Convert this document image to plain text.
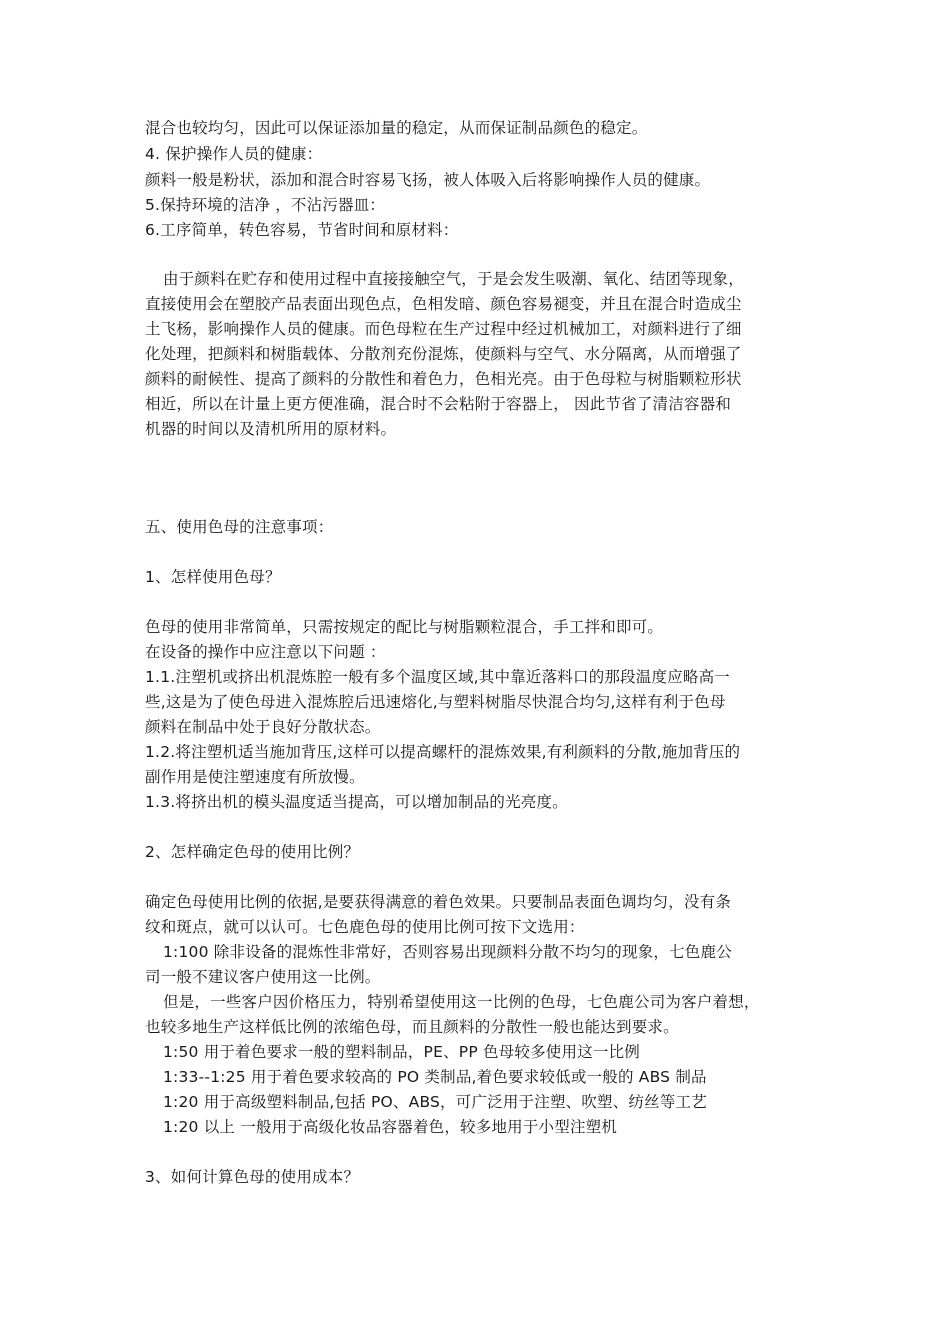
混合也较均匀，因此可以保证添加量的稳定，从而保证制品颜色的稳定。
4. 保护操作人员的健康：
颜料一般是粉状，添加和混合时容易飞扬，被人体吸入后将影响操作人员的健康。
5.保持环境的洁净 ，不沾污器皿：
6.工序简单，转色容易，节省时间和原材料：
由于颜料在贮存和使用过程中直接接触空气，于是会发生吸潮、氧化、结团等现象，
直接使用会在塑胶产品表面出现色点，色相发暗、颜色容易褪变，并且在混合时造成尘
土飞杨，影响操作人员的健康。而色母粒在生产过程中经过机械加工，对颜料进行了细
化处理，把颜料和树脂载体、分散剂充份混炼，使颜料与空气、水分隔离，从而增强了
颜料的耐候性、提高了颜料的分散性和着色力，色相光亮。由于色母粒与树脂颗粒形状
相近，所以在计量上更方便准确，混合时不会粘附于容器上， 因此节省了清洁容器和
机器的时间以及清机所用的原材料。
五、使用色母的注意事项：
1、怎样使用色母？
色母的使用非常简单，只需按规定的配比与树脂颗粒混合，手工拌和即可。
在设备的操作中应注意以下问题 ：
1.1.注塑机或挤出机混炼腔一般有多个温度区域,其中靠近落料口的那段温度应略高一
些,这是为了使色母进入混炼腔后迅速熔化,与塑料树脂尽快混合均匀,这样有利于色母
颜料在制品中处于良好分散状态。
1.2.将注塑机适当施加背压,这样可以提高螺杆的混炼效果,有利颜料的分散,施加背压的
副作用是使注塑速度有所放慢。
1.3.将挤出机的模头温度适当提高，可以增加制品的光亮度。
2、怎样确定色母的使用比例？
确定色母使用比例的依据,是要获得满意的着色效果。只要制品表面色调均匀，没有条
纹和斑点，就可以认可。七色鹿色母的使用比例可按下文选用：
1:100 除非设备的混炼性非常好，否则容易出现颜料分散不均匀的现象，七色鹿公
司一般不建议客户使用这一比例。
但是，一些客户因价格压力，特别希望使用这一比例的色母，七色鹿公司为客户着想，
也较多地生产这样低比例的浓缩色母，而且颜料的分散性一般也能达到要求。
1:50 用于着色要求一般的塑料制品，PE、PP 色母较多使用这一比例
1:33--1:25 用于着色要求较高的 PO 类制品,着色要求较低或一般的 ABS 制品
1:20 用于高级塑料制品,包括 PO、ABS，可广泛用于注塑、吹塑、纺丝等工艺
1:20 以上 一般用于高级化妆品容器着色，较多地用于小型注塑机
3、如何计算色母的使用成本？
